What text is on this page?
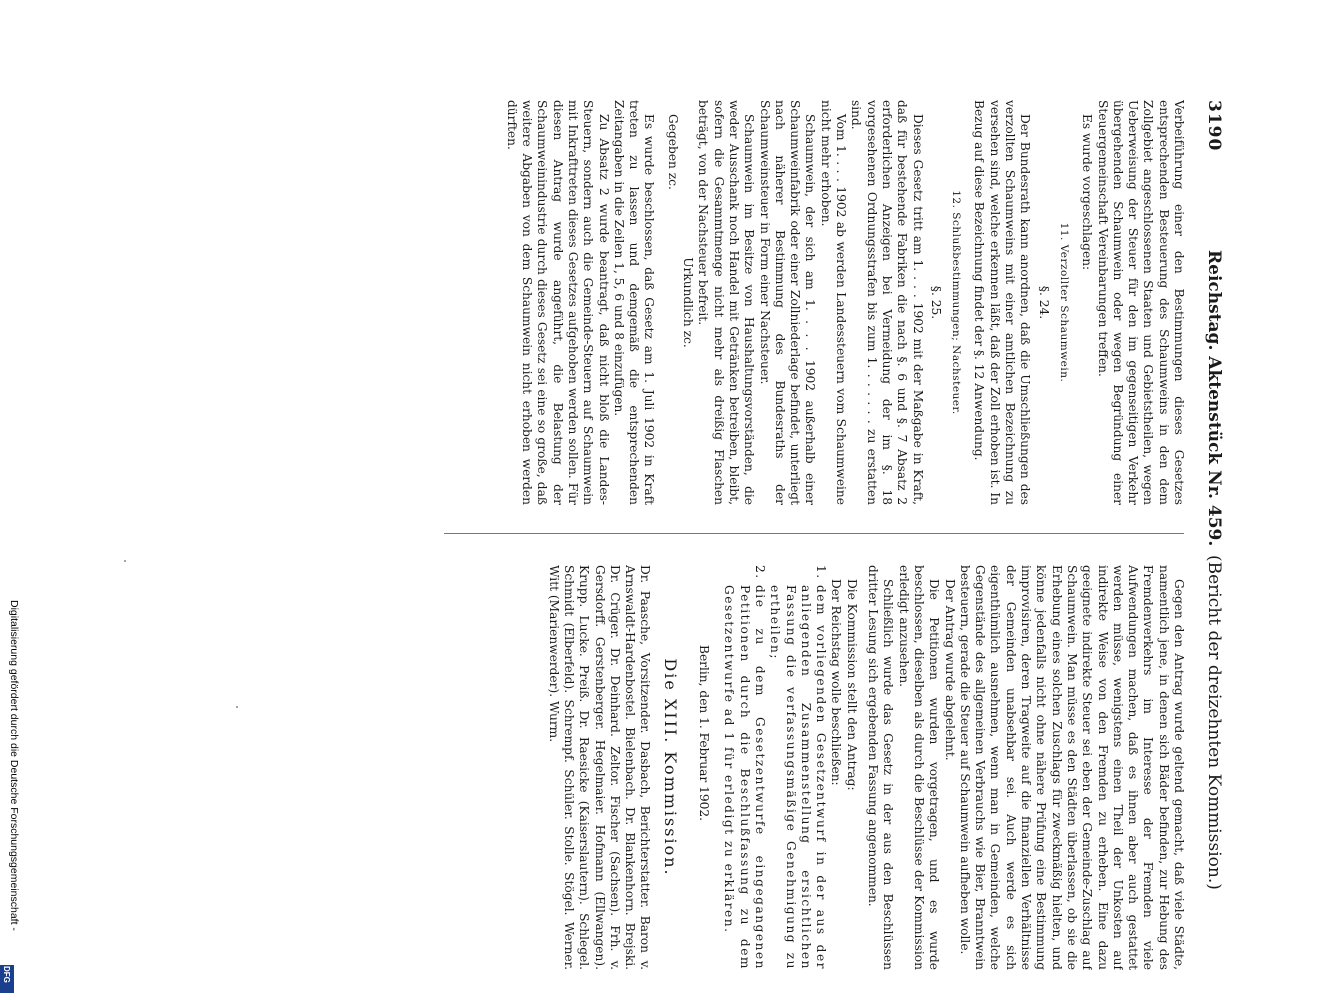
3190
Reichstag. Aktenstück Nr. 459.
(Bericht der dreizehnten Kommission.)

Verbeiführung einer den Bestimmungen dieses Gesetzes entsprechenden Besteuerung des Schaumweins in den dem Zollgebiet angeschlossenen Staaten und Gebietstheilen, wegen Ueberweisung der Steuer für den im gegenseitigen Verkehr übergehenden Schaumwein oder wegen Begründung einer Steuergemeinschaft Vereinbarungen treffen.

Es wurde vorgeschlagen:

11. Verzollter Schaumwein.

§. 24.

Der Bundesrath kann anordnen, daß die Umschließungen des verzollten Schaumweins mit einer amtlichen Bezeichnung zu versehen sind, welche erkennen läßt, daß der Zoll erhoben ist. In Bezug auf diese Bezeichnung findet der §. 12 Anwendung.

12. Schlußbestimmungen; Nachsteuer.

§. 25.

Dieses Gesetz tritt am 1. . . . 1902 mit der Maßgabe in Kraft, daß für bestehende Fabriken die nach §. 6 und §. 7 Absatz 2 erforderlichen Anzeigen bei Vermeidung der im §. 18 vorgesehenen Ordnungsstrafen bis zum 1. . . . . . . zu erstatten sind.

Vom 1. . . . 1902 ab werden Landessteuern vom Schaumweine nicht mehr erhoben.

Schaumwein, der sich am 1. . . . 1902 außerhalb einer Schaumweinfabrik oder einer Zollniederlage befindet, unterliegt nach näherer Bestimmung des Bundesraths der Schaumweinsteuer in Form einer Nachsteuer.

Schaumwein im Besitze von Haushaltungsvorständen, die weder Ausschank noch Handel mit Getränken betreiben, bleibt, sofern die Gesammtmenge nicht mehr als dreißig Flaschen beträgt, von der Nachsteuer befreit.

Urkundlich zc.

Gegeben zc.

Es wurde beschlossen, daß Gesetz am 1. Juli 1902 in Kraft treten zu lassen und demgemäß die entsprechenden Zeitangaben in die Zeilen 1, 5, 6 und 8 einzufügen.

Zu Absatz 2 wurde beantragt, daß nicht bloß die Landes-Steuern, sondern auch die Gemeinde-Steuern auf Schaumwein mit Inkrafttreten dieses Gesetzes aufgehoben werden sollen. Für diesen Antrag wurde angeführt, die Belastung der Schaumweinindustrie durch dieses Gesetz sei eine so große, daß weitere Abgaben von dem Schaumwein nicht erhoben werden dürften.

Gegen den Antrag wurde geltend gemacht, daß viele Städte, namentlich jene, in denen sich Bäder befinden, zur Hebung des Fremdenverkehrs im Interesse der Fremden viele Aufwendungen machen, daß es ihnen aber auch gestattet werden müsse, wenigstens einen Theil der Unkosten auf indirekte Weise von den Fremden zu erheben. Eine dazu geeignete indirekte Steuer sei eben der Gemeinde-Zuschlag auf Schaumwein. Man müsse es den Städten überlassen, ob sie die Erhebung eines solchen Zuschlags für zweckmäßig hielten, und könne jedenfalls nicht ohne nähere Prüfung eine Bestimmung improvisiren, deren Tragweite auf die finanziellen Verhältnisse der Gemeinden unabsehbar sei. Auch werde es sich eigenthümlich ausnehmen, wenn man in Gemeinden, welche Gegenstände des allgemeinen Verbrauchs wie Bier, Branntwein besteuern, gerade die Steuer auf Schaumwein aufheben wolle.

Der Antrag wurde abgelehnt.

Die Petitionen wurden vorgetragen, und es wurde beschlossen, dieselben als durch die Beschlüsse der Kommission erledigt anzusehen.

Schließlich wurde das Gesetz in der aus den Beschlüssen dritter Lesung sich ergebenden Fassung angenommen.

Die Kommission stellt den Antrag:

Der Reichstag wolle beschließen:

1. dem vorliegenden Gesetzentwurf in der aus der anliegenden Zusammenstellung ersichtlichen Fassung die verfassungsmäßige Genehmigung zu ertheilen;
2. die zu dem Gesetzentwurfe eingegangenen Petitionen durch die Beschlußfassung zu dem Gesetzentwurfe ad 1 für erledigt zu erklären.

Berlin, den 1. Februar 1902.

Die XIII. Kommission.

Dr. Paasche, Vorsitzender. Dasbach, Berichterstatter. Baron v. Arnswaldt-Hardenbostel. Bielenbach. Dr. Blankenhorn. Brejski. Dr. Crüger. Dr. Deinhard. Zeltor. Fischer (Sachsen). Frh. v. Gersdorff. Gerstenberger. Hegelmaier. Hofmann (Ellwangen). Krupp. Lucke. Preiß. Dr. Raesicke (Kaiserslautern). Schlegel. Schmidt (Elberfeld). Schrempf. Schüler. Stolle. Stögel. Werner. Witt (Marienwerder). Wurm.

Digitalisierung gefördert durch die Deutsche Forschungsgemeinschaft -
DFG
